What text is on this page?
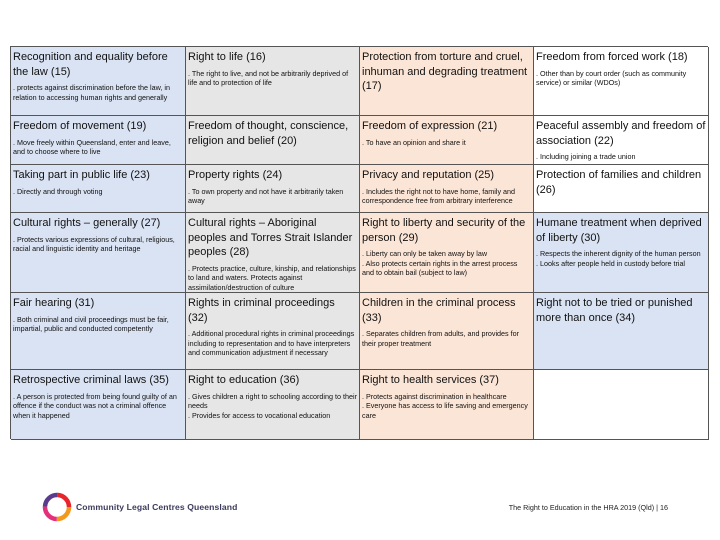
Recognition and equality before the law (15)
. protects against discrimination before the law, in relation to accessing human rights and generally
Right to life (16)
. The right to live, and not be arbitrarily deprived of life and to protection of life
Protection from torture and cruel, inhuman and degrading treatment (17)
Freedom from forced work (18)
. Other than by court order (such as community service) or similar (WDOs)
Freedom of movement (19)
. Move freely within Queensland, enter and leave, and to choose where to live
Freedom of thought, conscience, religion and belief (20)
Freedom of expression (21)
. To have an opinion and share it
Peaceful assembly and freedom of association (22)
. Including joining a trade union
Taking part in public life (23)
. Directly and through voting
Property rights (24)
. To own property and not have it arbitrarily taken away
Privacy and reputation (25)
. Includes the right not to have home, family and correspondence free from arbitrary interference
Protection of families and children (26)
Cultural rights – generally (27)
. Protects various expressions of cultural, religious, racial and linguistic identity and heritage
Cultural rights – Aboriginal peoples and Torres Strait Islander peoples (28)
. Protects practice, culture, kinship, and relationships to land and waters. Protects against assimilation/destruction of culture
Right to liberty and security of the person (29)
. Liberty can only be taken away by law
. Also protects certain rights in the arrest process and to obtain bail (subject to law)
Humane treatment when deprived of liberty (30)
. Respects the inherent dignity of the human person
. Looks after people held in custody before trial
Fair hearing (31)
. Both criminal and civil proceedings must be fair, impartial, public and conducted competently
Rights in criminal proceedings (32)
. Additional procedural rights in criminal proceedings including to representation and to have interpreters and communication adjustment if necessary
Children in the criminal process (33)
. Separates children from adults, and provides for their proper treatment
Right not to be tried or punished more than once (34)
Retrospective criminal laws (35)
. A person is protected from being found guilty of an offence if the conduct was not a criminal offence when it happened
Right to education (36)
. Gives children a right to schooling according to their needs
. Provides for access to vocational education
Right to health services (37)
. Protects against discrimination in healthcare
. Everyone has access to life saving and emergency care
Community Legal Centres Queensland	The Right to Education in the HRA 2019 (Qld) | 16
